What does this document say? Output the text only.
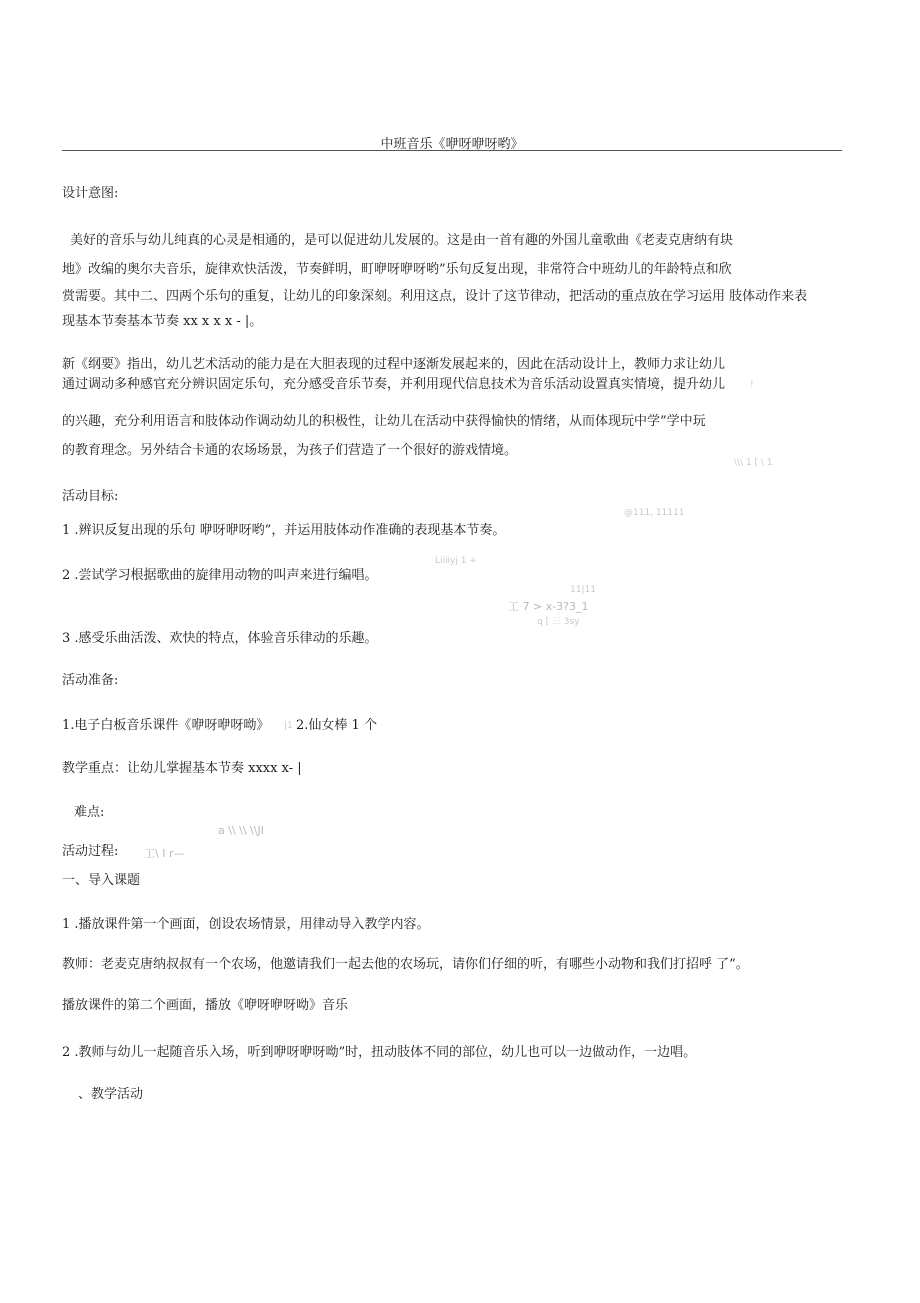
中班音乐《咿呀咿呀哟》
设计意图:
美好的音乐与幼儿纯真的心灵是相通的，是可以促进幼儿发展的。这是由一首有趣的外国儿童歌曲《老麦克唐纳有块
地》改编的奥尔夫音乐，旋律欢快活泼，节奏鲜明，町咿呀咿呀哟”乐句反复出现，非常符合中班幼儿的年龄特点和欣
赏需要。其中二、四两个乐句的重复，让幼儿的印象深刻。利用这点，设计了这节律动，把活动的重点放在学习运用 肢体动作来表
现基本节奏基本节奏 xx x x x - |。
新《纲要》指出，幼儿艺术活动的能力是在大胆表现的过程中逐渐发展起来的，因此在活动设计上，教师力求让幼儿
通过调动多种感官充分辨识固定乐句，充分感受音乐节奏，并利用现代信息技术为音乐活动设置真实情境，提升幼儿	!
的兴趣，充分利用语言和肢体动作调动幼儿的积极性，让幼儿在活动中获得愉快的情绪，从而体现玩中学”学中玩
的教育理念。另外结合卡通的农场场景，为孩子们营造了一个很好的游戏情境。
\\\ 1 [ \ 1
活动目标:
@111, 11111
1 .辨识反复出现的乐句 咿呀咿呀哟”，并运用肢体动作准确的表现基本节奏。
Liiiiyj 1 +
2 .尝试学习根据歌曲的旋律用动物的叫声来进行编唱。
11|11
工 7 > x-3?3_1
q [ 三 3sy
3 .感受乐曲活泼、欢快的特点，体验音乐律动的乐趣。
活动准备:
1.电子白板音乐课件《咿呀咿呀呦》 |1 2.仙女棒 1 个
教学重点：让幼儿掌握基本节奏 xxxx x- |
难点:
a \\ \\ \\JI
活动过程: 工\ I r—
一、导入课题
1 .播放课件第一个画面，创设农场情景，用律动导入教学内容。
教师：老麦克唐纳叔叔有一个农场，他邀请我们一起去他的农场玩，请你们仔细的听，有哪些小动物和我们打招呼 了”。
播放课件的第二个画面，播放《咿呀咿呀呦》音乐
2 .教师与幼儿一起随音乐入场，听到咿呀咿呀呦”时，扭动肢体不同的部位，幼儿也可以一边做动作，一边唱。
、教学活动
